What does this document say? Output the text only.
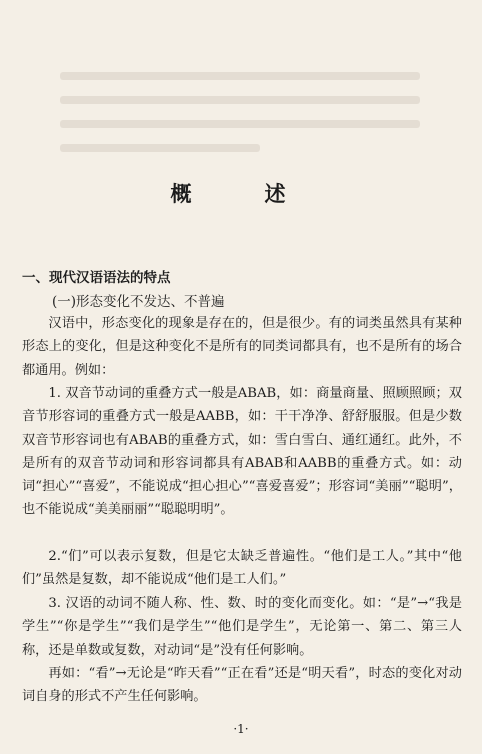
概　述
一、现代汉语语法的特点
(一)形态变化不发达、不普遍
汉语中，形态变化的现象是存在的，但是很少。有的词类虽然具有某种形态上的变化，但是这种变化不是所有的同类词都具有，也不是所有的场合都通用。例如：
1. 双音节动词的重叠方式一般是ABAB，如：商量商量、照顾照顾；双音节形容词的重叠方式一般是AABB，如：干干净净、舒舒服服。但是少数双音节形容词也有ABAB的重叠方式，如：雪白雪白、通红通红。此外，不是所有的双音节动词和形容词都具有ABAB和AABB的重叠方式。如：动词“担心”“喜爱”，不能说成“担心担心”“喜爱喜爱”；形容词“美丽”“聪明”，也不能说成“美美丽丽”“聪聪明明”。
2.“们”可以表示复数，但是它太缺乏普遍性。“他们是工人。”其中“他们”虽然是复数，却不能说成“他们是工人们。”
3. 汉语的动词不随人称、性、数、时的变化而变化。如：“是”→“我是学生”“你是学生”“我们是学生”“他们是学生”，无论第一、第二、第三人称，还是单数或复数，对动词“是”没有任何影响。
再如：“看”→无论是“昨天看”“正在看”还是“明天看”，时态的变化对动词自身的形式不产生任何影响。
·1·
